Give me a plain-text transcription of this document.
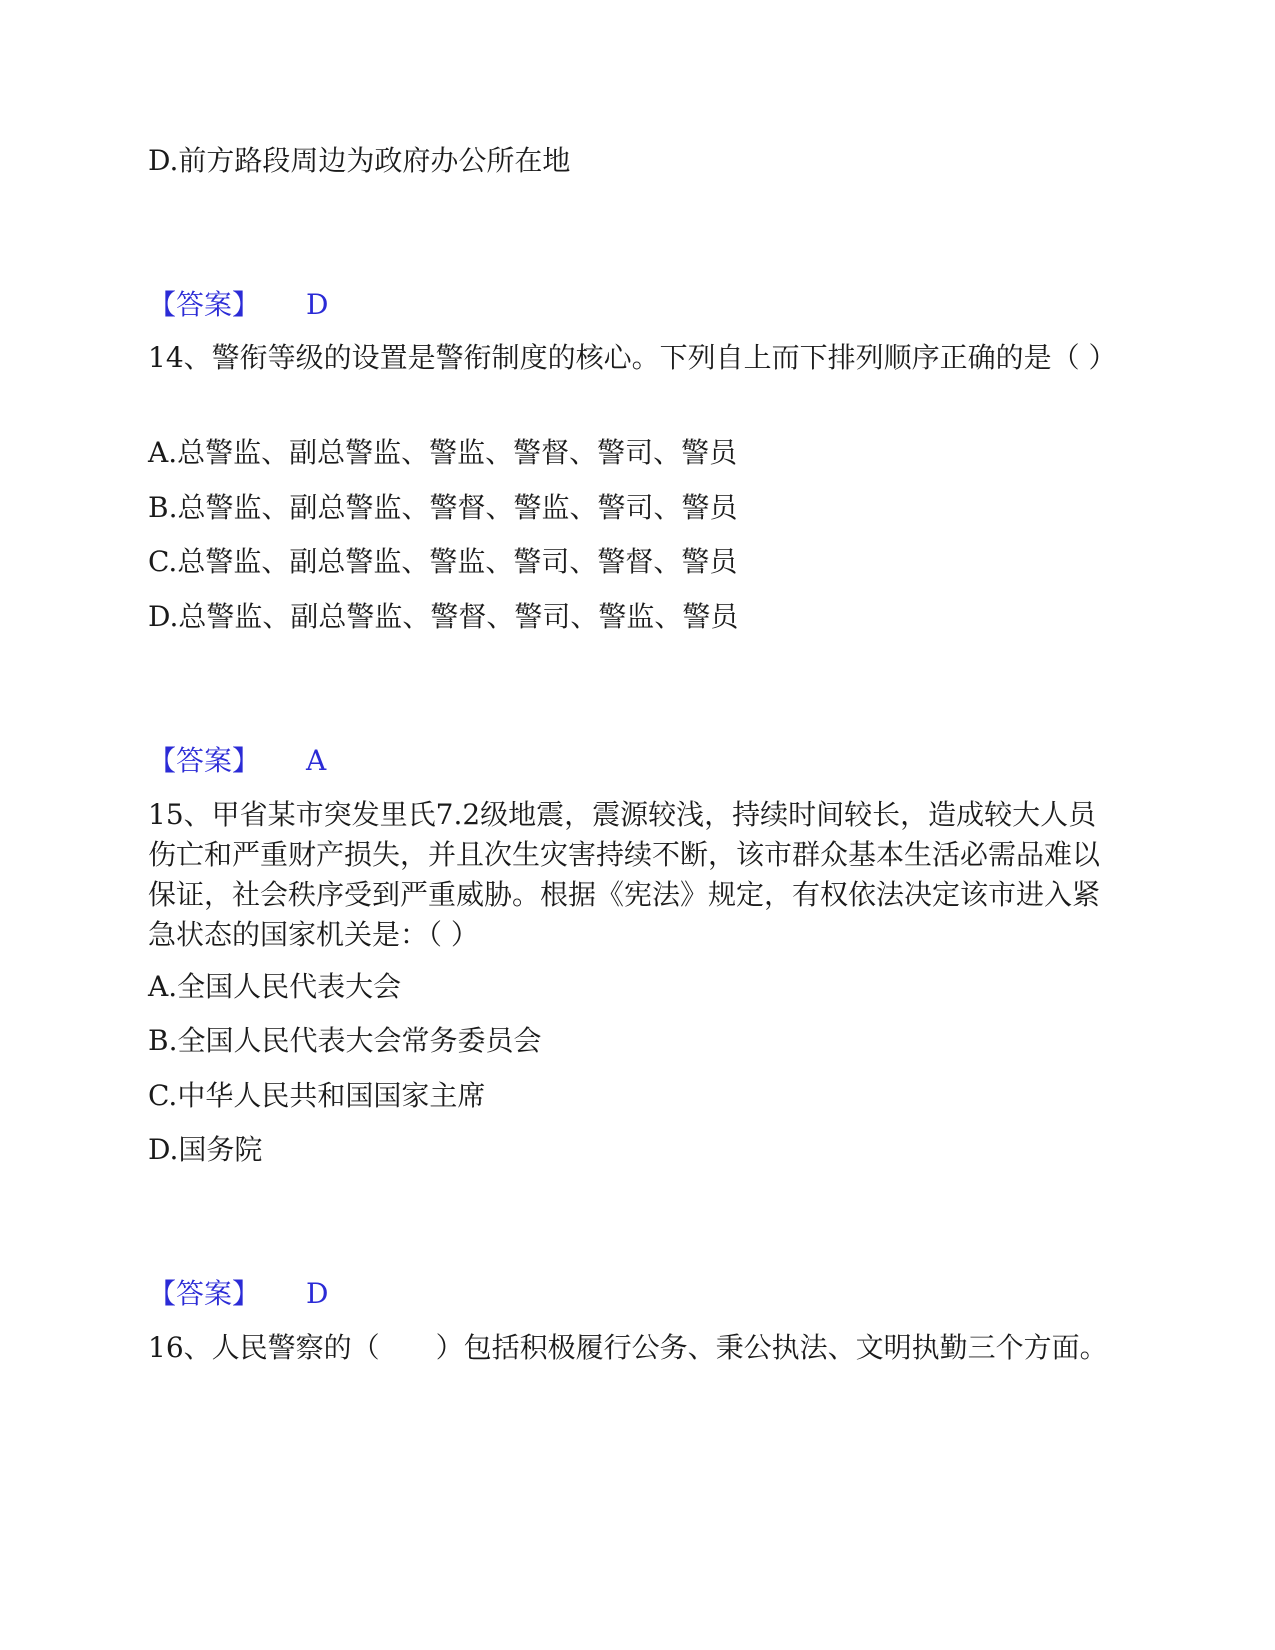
D.前方路段周边为政府办公所在地
【答案】 D
14、警衔等级的设置是警衔制度的核心。下列自上而下排列顺序正确的是（ ）
A.总警监、副总警监、警监、警督、警司、警员
B.总警监、副总警监、警督、警监、警司、警员
C.总警监、副总警监、警监、警司、警督、警员
D.总警监、副总警监、警督、警司、警监、警员
【答案】 A
15、甲省某市突发里氏7.2级地震，震源较浅，持续时间较长，造成较大人员伤亡和严重财产损失，并且次生灾害持续不断，该市群众基本生活必需品难以保证，社会秩序受到严重威胁。根据《宪法》规定，有权依法决定该市进入紧急状态的国家机关是：（ ）
A.全国人民代表大会
B.全国人民代表大会常务委员会
C.中华人民共和国国家主席
D.国务院
【答案】 D
16、人民警察的（　　）包括积极履行公务、秉公执法、文明执勤三个方面。
